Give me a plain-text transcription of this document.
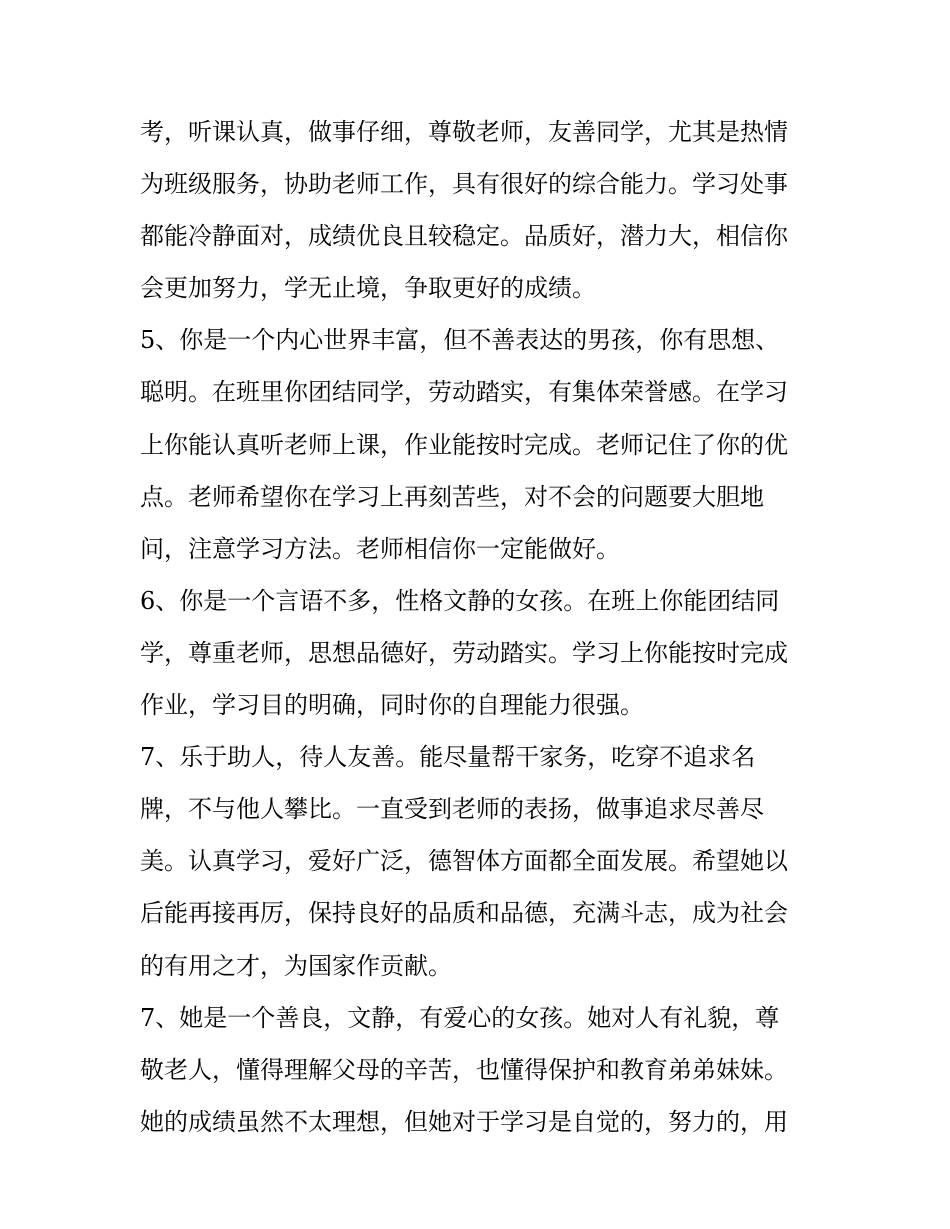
考，听课认真，做事仔细，尊敬老师，友善同学，尤其是热情
为班级服务，协助老师工作，具有很好的综合能力。学习处事
都能冷静面对，成绩优良且较稳定。品质好，潜力大，相信你
会更加努力，学无止境，争取更好的成绩。
5、你是一个内心世界丰富，但不善表达的男孩，你有思想、
聪明。在班里你团结同学，劳动踏实，有集体荣誉感。在学习
上你能认真听老师上课，作业能按时完成。老师记住了你的优
点。老师希望你在学习上再刻苦些，对不会的问题要大胆地
问，注意学习方法。老师相信你一定能做好。
6、你是一个言语不多，性格文静的女孩。在班上你能团结同
学，尊重老师，思想品德好，劳动踏实。学习上你能按时完成
作业，学习目的明确，同时你的自理能力很强。
7、乐于助人，待人友善。能尽量帮干家务，吃穿不追求名
牌，不与他人攀比。一直受到老师的表扬，做事追求尽善尽
美。认真学习，爱好广泛，德智体方面都全面发展。希望她以
后能再接再厉，保持良好的品质和品德，充满斗志，成为社会
的有用之才，为国家作贡献。
7、她是一个善良，文静，有爱心的女孩。她对人有礼貌，尊
敬老人，懂得理解父母的辛苦，也懂得保护和教育弟弟妹妹。
她的成绩虽然不太理想，但她对于学习是自觉的，努力的，用
